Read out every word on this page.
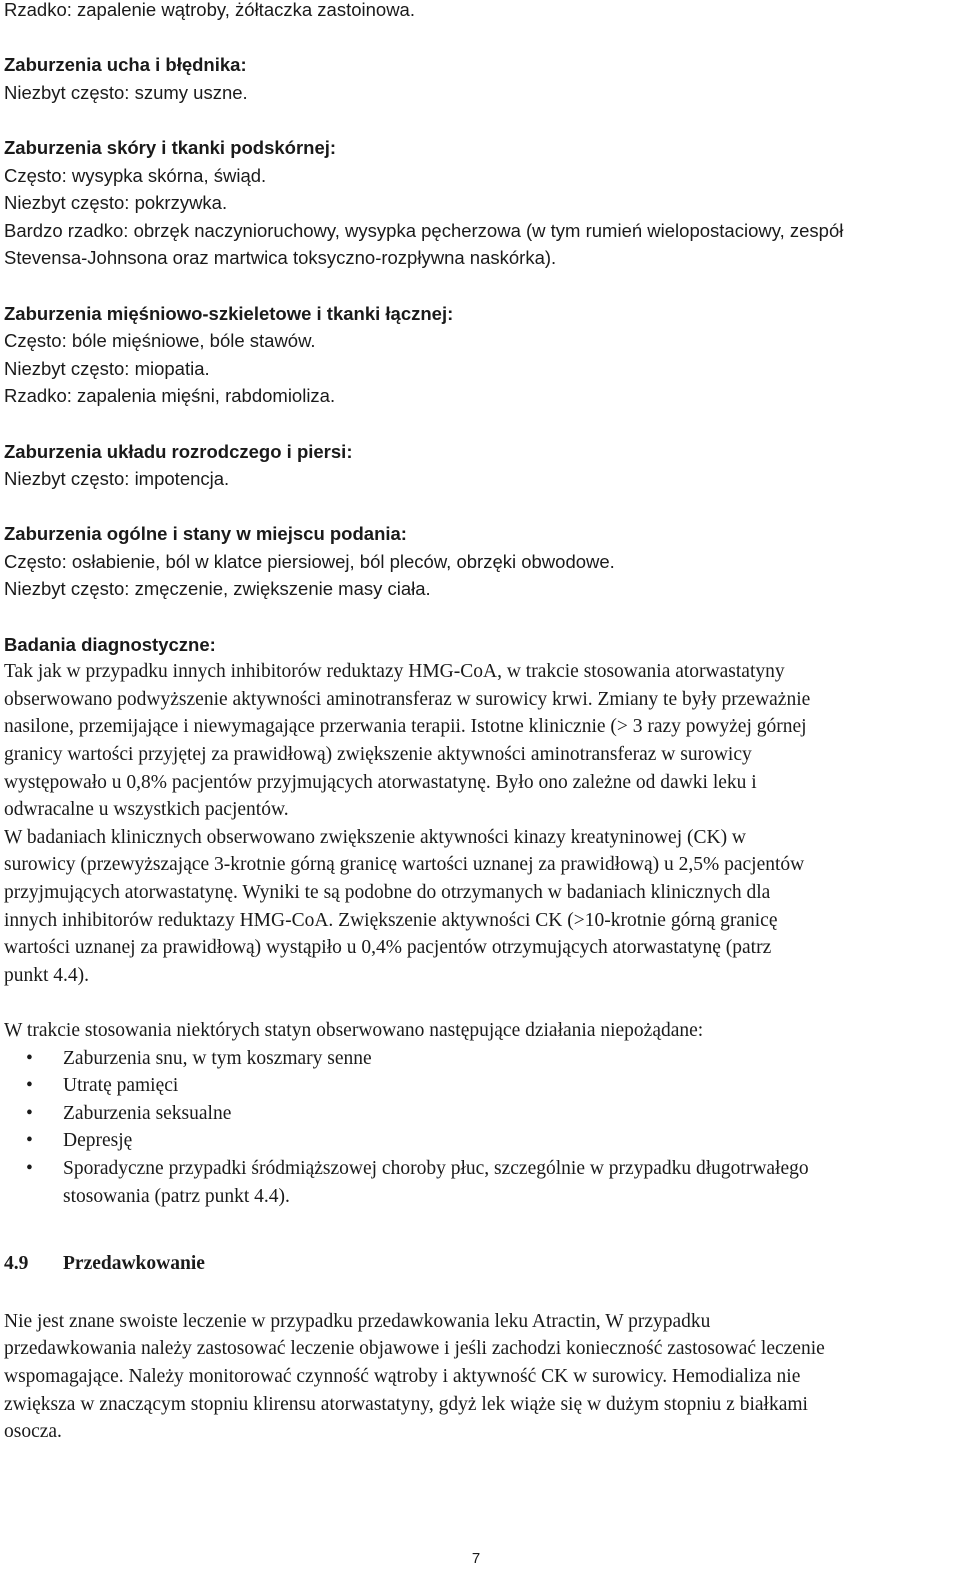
Rzadko: zapalenie wątroby, żółtaczka zastoinowa.
Zaburzenia ucha i błędnika:
Niezbyt często: szumy uszne.
Zaburzenia skóry i tkanki podskórnej:
Często: wysypka skórna, świąd.
Niezbyt często: pokrzywka.
Bardzo rzadko: obrzęk naczynioruchowy, wysypka pęcherzowa (w tym rumień wielopostaciowy, zespół
Stevensa-Johnsona oraz martwica toksyczno-rozpływna naskórka).
Zaburzenia mięśniowo-szkieletowe i tkanki łącznej:
Często: bóle mięśniowe, bóle stawów.
Niezbyt często: miopatia.
Rzadko: zapalenia mięśni, rabdomioliza.
Zaburzenia układu rozrodczego i piersi:
Niezbyt często: impotencja.
Zaburzenia ogólne i stany w miejscu podania:
Często: osłabienie, ból w klatce piersiowej, ból pleców, obrzęki obwodowe.
Niezbyt często: zmęczenie, zwiększenie masy ciała.
Badania diagnostyczne:

Tak jak w przypadku innych inhibitorów reduktazy HMG-CoA, w trakcie stosowania atorwastatyny
obserwowano podwyższenie aktywności aminotransferaz w surowicy krwi. Zmiany te były przeważnie
nasilone, przemijające i niewymagające przerwania terapii. Istotne klinicznie (> 3 razy powyżej górnej
granicy wartości przyjętej za prawidłową) zwiększenie aktywności aminotransferaz w surowicy
występowało u 0,8% pacjentów przyjmujących atorwastatynę. Było ono zależne od dawki leku i
odwracalne u wszystkich pacjentów.

W badaniach klinicznych obserwowano zwiększenie aktywności kinazy kreatyninowej (CK) w
surowicy (przewyższające 3-krotnie górną granicę wartości uznanej za prawidłową) u 2,5% pacjentów
przyjmujących atorwastatynę. Wyniki te są podobne do otrzymanych w badaniach klinicznych dla
innych inhibitorów reduktazy HMG-CoA. Zwiększenie aktywności CK (>10-krotnie górną granicę
wartości uznanej za prawidłową) wystąpiło u 0,4% pacjentów otrzymujących atorwastatynę (patrz
punkt 4.4).

W trakcie stosowania niektórych statyn obserwowano następujące działania niepożądane:
• Zaburzenia snu, w tym koszmary senne
• Utratę pamięci
• Zaburzenia seksualne
• Depresję
• Sporadyczne przypadki śródmiąższowej choroby płuc, szczególnie w przypadku długotrwałego
stosowania (patrz punkt 4.4).
4.9 Przedawkowanie

Nie jest znane swoiste leczenie w przypadku przedawkowania leku Atractin, W przypadku
przedawkowania należy zastosować leczenie objawowe i jeśli zachodzi konieczność zastosować leczenie
wspomagające. Należy monitorować czynność wątroby i aktywność CK w surowicy. Hemodializa nie
zwiększa w znaczącym stopniu klirensu atorwastatyny, gdyż lek wiąże się w dużym stopniu z białkami
osocza.

7
